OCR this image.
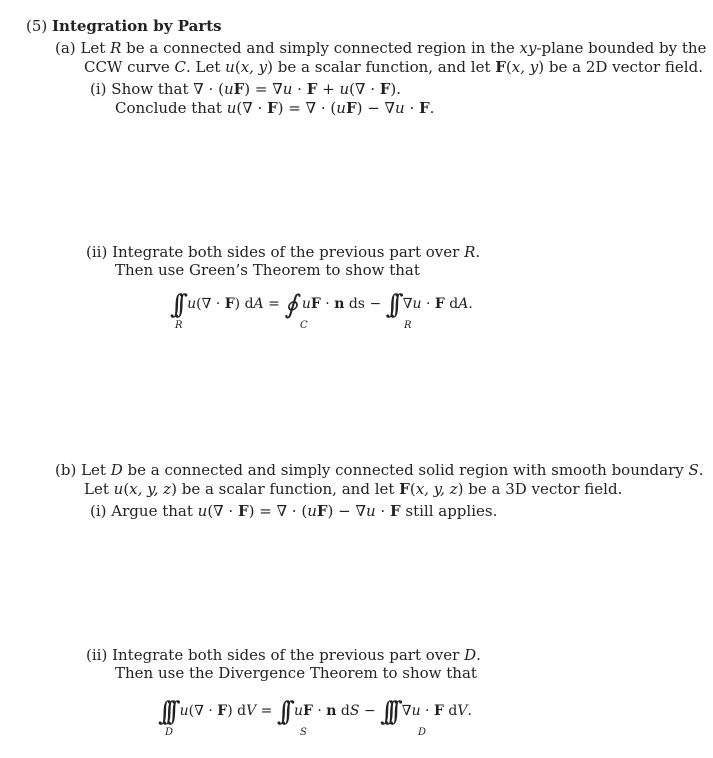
(5) Integration by Parts
(a) Let R be a connected and simply connected region in the xy-plane bounded by the
CCW curve C. Let u(x, y) be a scalar function, and let F(x, y) be a 2D vector field.
(i) Show that ∇ · (uF) = ∇u · F + u(∇ · F).
Conclude that u(∇ · F) = ∇ · (uF) − ∇u · F.
(ii) Integrate both sides of the previous part over R.
Then use Green’s Theorem to show that
∫∫ u(∇ · F) dA = ∮ uF · n ds − ∫∫ ∇u · F dA.
R	C	R
(b) Let D be a connected and simply connected solid region with smooth boundary S.
Let u(x, y, z) be a scalar function, and let F(x, y, z) be a 3D vector field.
(i) Argue that u(∇ · F) = ∇ · (uF) − ∇u · F still applies.
(ii) Integrate both sides of the previous part over D.
Then use the Divergence Theorem to show that
∫∫∫ u(∇ · F) dV = ∫∫ uF · n dS − ∫∫∫ ∇u · F dV.
D	S	D
